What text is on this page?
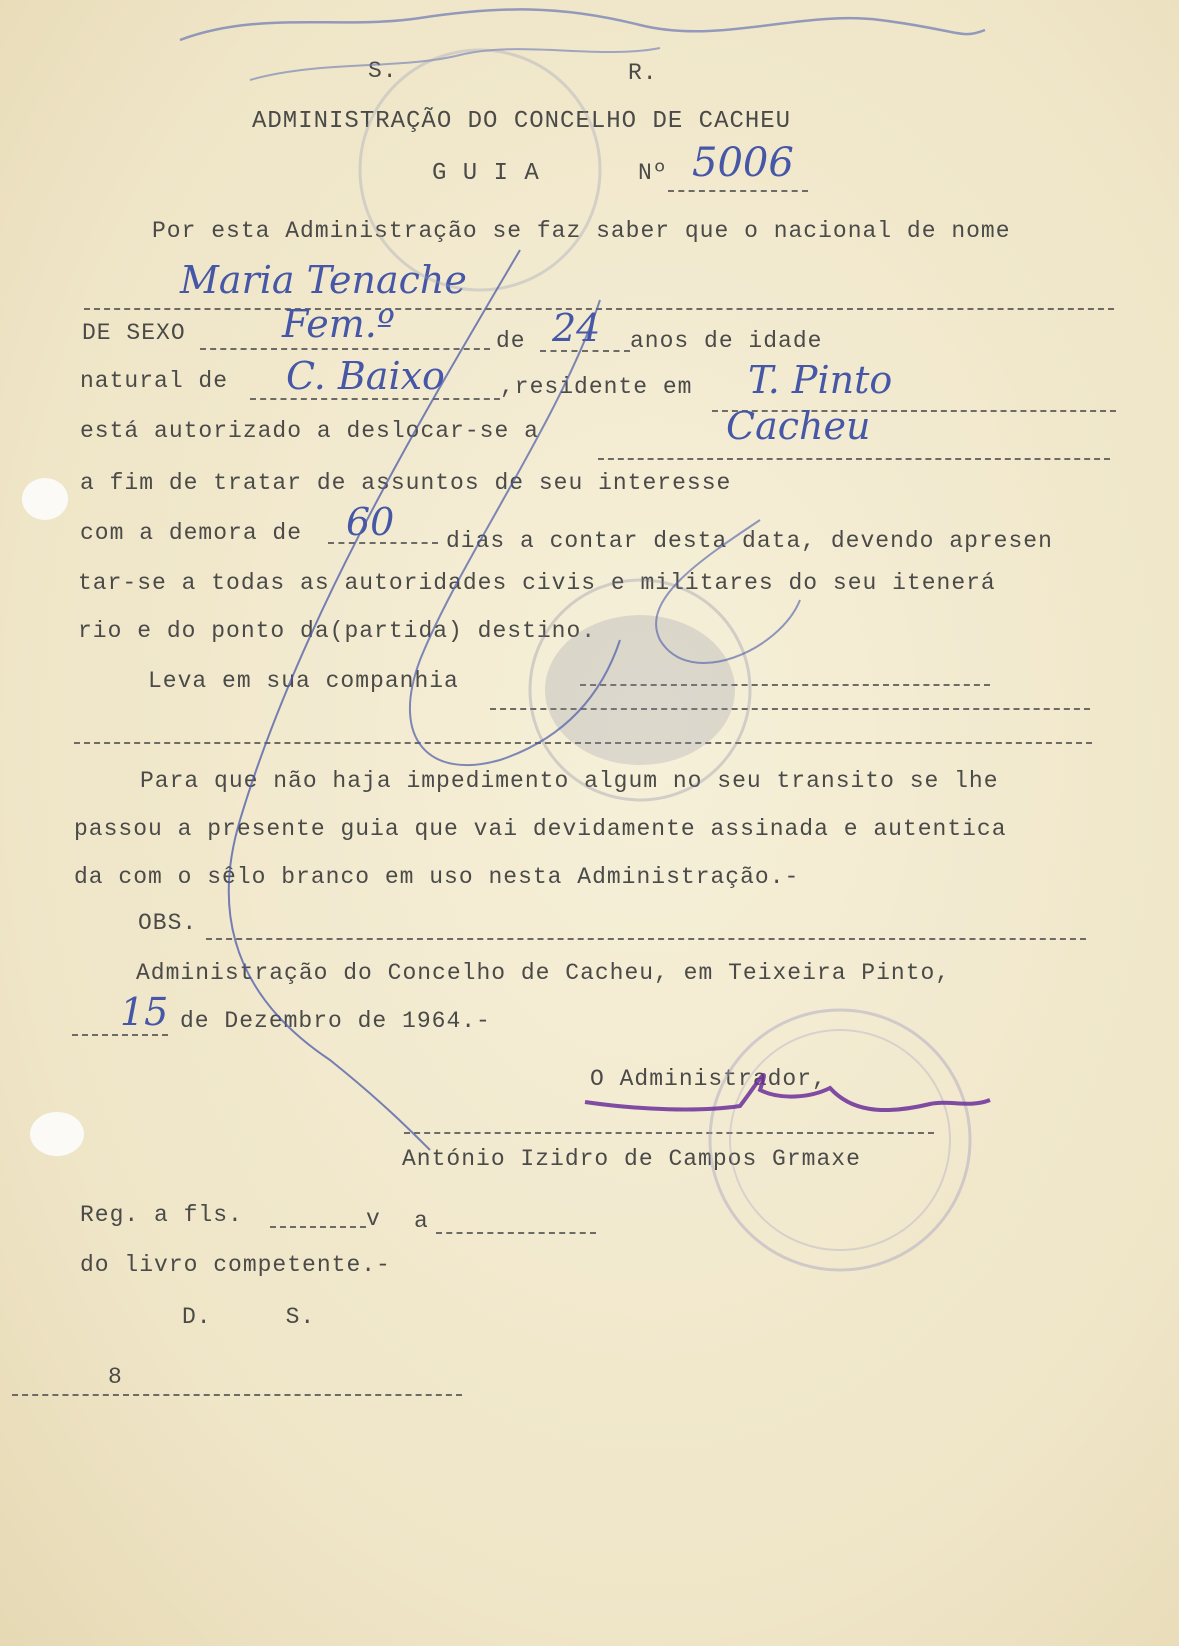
S.	R.
ADMINISTRAÇÃO DO CONCELHO DE CACHEU
G U I A	Nº 5006
Por esta Administração se faz saber que o nacional de nome
Maria Tenache
DE SEXO	Fem.º	de 24 anos de idade
natural de C. Baixo ,residente em T. Pinto
está autorizado a deslocar-se a	Cacheu
a fim de tratar de assuntos de seu interesse
com a demora de 60 dias a contar desta data, devendo apresen
tar-se a todas as autoridades civis e militares do seu itenerá
rio e do ponto da(partida) destino.
Leva em sua companhia
Para que não haja impedimento algum no seu transito se lhe
passou a presente guia que vai devidamente assinada e autentica
da com o sêlo branco em uso nesta Administração.-
OBS.
Administração do Concelho de Cacheu, em Teixeira Pinto,
15 de Dezembro de 1964.-
O Administrador,
António Izidro de Campos Grmaxe
Reg. a fls.	v a
do livro competente.-
D.     S.
8
